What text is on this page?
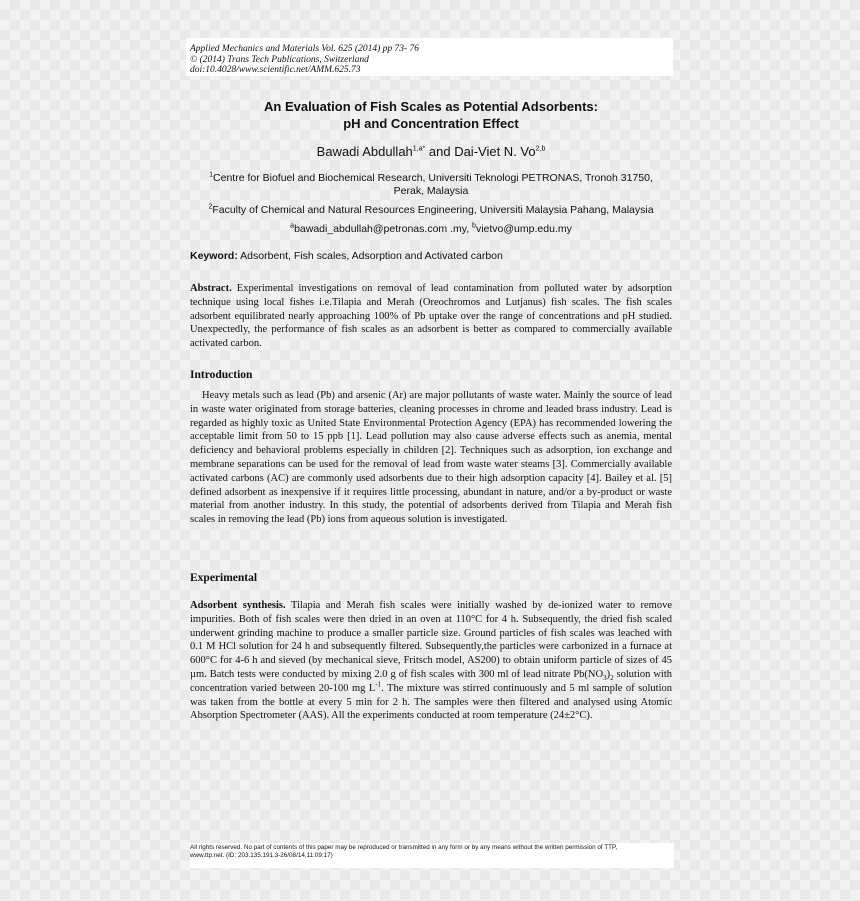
Applied Mechanics and Materials Vol. 625 (2014) pp 73- 76
© (2014) Trans Tech Publications, Switzerland
doi:10.4028/www.scientific.net/AMM.625.73
An Evaluation of Fish Scales as Potential Adsorbents:
pH and Concentration Effect
Bawadi Abdullah$^{1,a*}$ and Dai-Viet N. Vo$^{2,b}$
$^1$Centre for Biofuel and Biochemical Research, Universiti Teknologi PETRONAS, Tronoh 31750,
Perak, Malaysia
$^2$Faculty of Chemical and Natural Resources Engineering, Universiti Malaysia Pahang, Malaysia
$^a$bawadi_abdullah@petronas.com .my, $^b$vietvo@ump.edu.my
Keyword: Adsorbent, Fish scales, Adsorption and Activated carbon
Abstract. Experimental investigations on removal of lead contamination from polluted water by adsorption technique using local fishes i.e.Tilapia and Merah (Oreochromos and Lutjanus) fish scales. The fish scales adsorbent equilibrated nearly approaching 100% of Pb uptake over the range of concentrations and pH studied. Unexpectedly, the performance of fish scales as an adsorbent is better as compared to commercially available activated carbon.
Introduction
Heavy metals such as lead (Pb) and arsenic (Ar) are major pollutants of waste water. Mainly the source of lead in waste water originated from storage batteries, cleaning processes in chrome and leaded brass industry. Lead is regarded as highly toxic as United State Environmental Protection Agency (EPA) has recommended lowering the acceptable limit from 50 to 15 ppb [1]. Lead pollution may also cause adverse effects such as anemia, mental deficiency and behavioral problems especially in children [2]. Techniques such as adsorption, ion exchange and membrane separations can be used for the removal of lead from waste water steams [3]. Commercially available activated carbons (AC) are commonly used adsorbents due to their high adsorption capacity [4]. Bailey et al. [5] defined adsorbent as inexpensive if it requires little processing, abundant in nature, and/or a by-product or waste material from another industry. In this study, the potential of adsorbents derived from Tilapia and Merah fish scales in removing the lead (Pb) ions from aqueous solution is investigated.
Experimental
Adsorbent synthesis. Tilapia and Merah fish scales were initially washed by de-ionized water to remove impurities. Both of fish scales were then dried in an oven at 110°C for 4 h. Subsequently, the dried fish scaled underwent grinding machine to produce a smaller particle size. Ground particles of fish scales was leached with 0.1 M HCl solution for 24 h and subsequently filtered. Subsequently,the particles were carbonized in a furnace at 600°C for 4-6 h and sieved (by mechanical sieve, Fritsch model, AS200) to obtain uniform particle of sizes of 45 µm. Batch tests were conducted by mixing 2.0 g of fish scales with 300 ml of lead nitrate $Pb(NO_3)_2$ solution with concentration varied between 20-100 mg $L^{-1}$. The mixture was stirred continuously and 5 ml sample of solution was taken from the bottle at every 5 min for 2 h. The samples were then filtered and analysed using Atomic Absorption Spectrometer (AAS). All the experiments conducted at room temperature (24±2°C).
All rights reserved. No part of contents of this paper may be reproduced or transmitted in any form or by any means without the written permission of TTP,
www.ttp.net. (ID: 203.135.191.3-26/08/14,11:09:17)
